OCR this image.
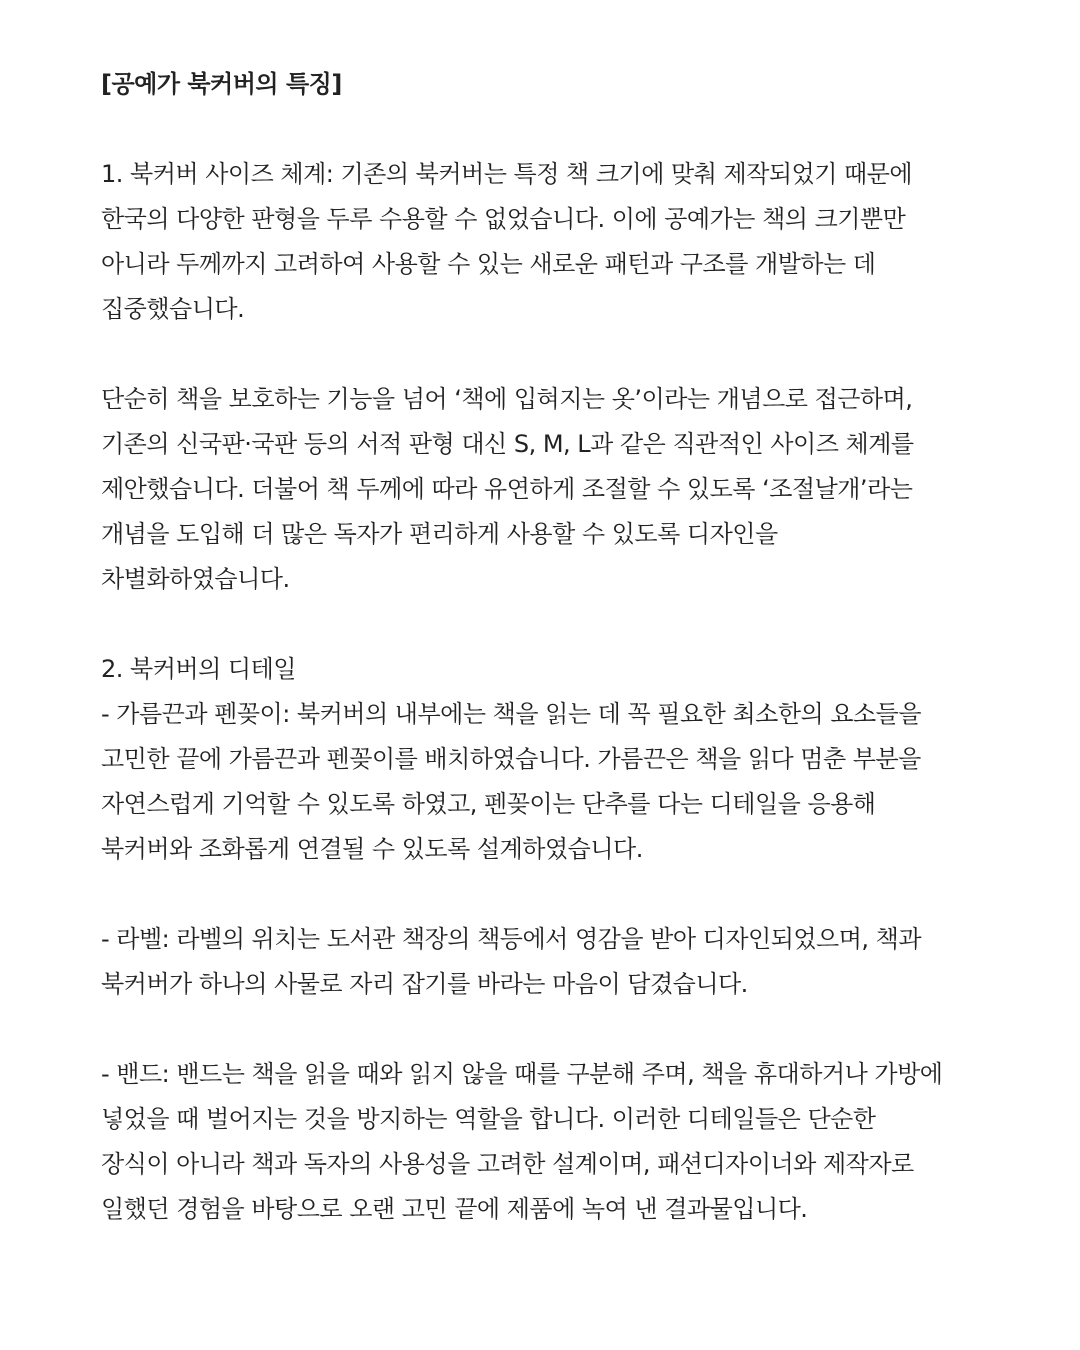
[공예가 북커버의 특징]
1. 북커버 사이즈 체계: 기존의 북커버는 특정 책 크기에 맞춰 제작되었기 때문에
한국의 다양한 판형을 두루 수용할 수 없었습니다. 이에 공예가는 책의 크기뿐만
아니라 두께까지 고려하여 사용할 수 있는 새로운 패턴과 구조를 개발하는 데
집중했습니다.
단순히 책을 보호하는 기능을 넘어 ‘책에 입혀지는 옷’이라는 개념으로 접근하며,
기존의 신국판·국판 등의 서적 판형 대신 S, M, L과 같은 직관적인 사이즈 체계를
제안했습니다. 더불어 책 두께에 따라 유연하게 조절할 수 있도록 ‘조절날개’라는
개념을 도입해 더 많은 독자가 편리하게 사용할 수 있도록 디자인을
차별화하였습니다.
2. 북커버의 디테일
- 가름끈과 펜꽂이: 북커버의 내부에는 책을 읽는 데 꼭 필요한 최소한의 요소들을
고민한 끝에 가름끈과 펜꽂이를 배치하였습니다. 가름끈은 책을 읽다 멈춘 부분을
자연스럽게 기억할 수 있도록 하였고, 펜꽂이는 단추를 다는 디테일을 응용해
북커버와 조화롭게 연결될 수 있도록 설계하였습니다.
- 라벨: 라벨의 위치는 도서관 책장의 책등에서 영감을 받아 디자인되었으며, 책과
북커버가 하나의 사물로 자리 잡기를 바라는 마음이 담겼습니다.
- 밴드: 밴드는 책을 읽을 때와 읽지 않을 때를 구분해 주며, 책을 휴대하거나 가방에
넣었을 때 벌어지는 것을 방지하는 역할을 합니다. 이러한 디테일들은 단순한
장식이 아니라 책과 독자의 사용성을 고려한 설계이며, 패션디자이너와 제작자로
일했던 경험을 바탕으로 오랜 고민 끝에 제품에 녹여 낸 결과물입니다.
